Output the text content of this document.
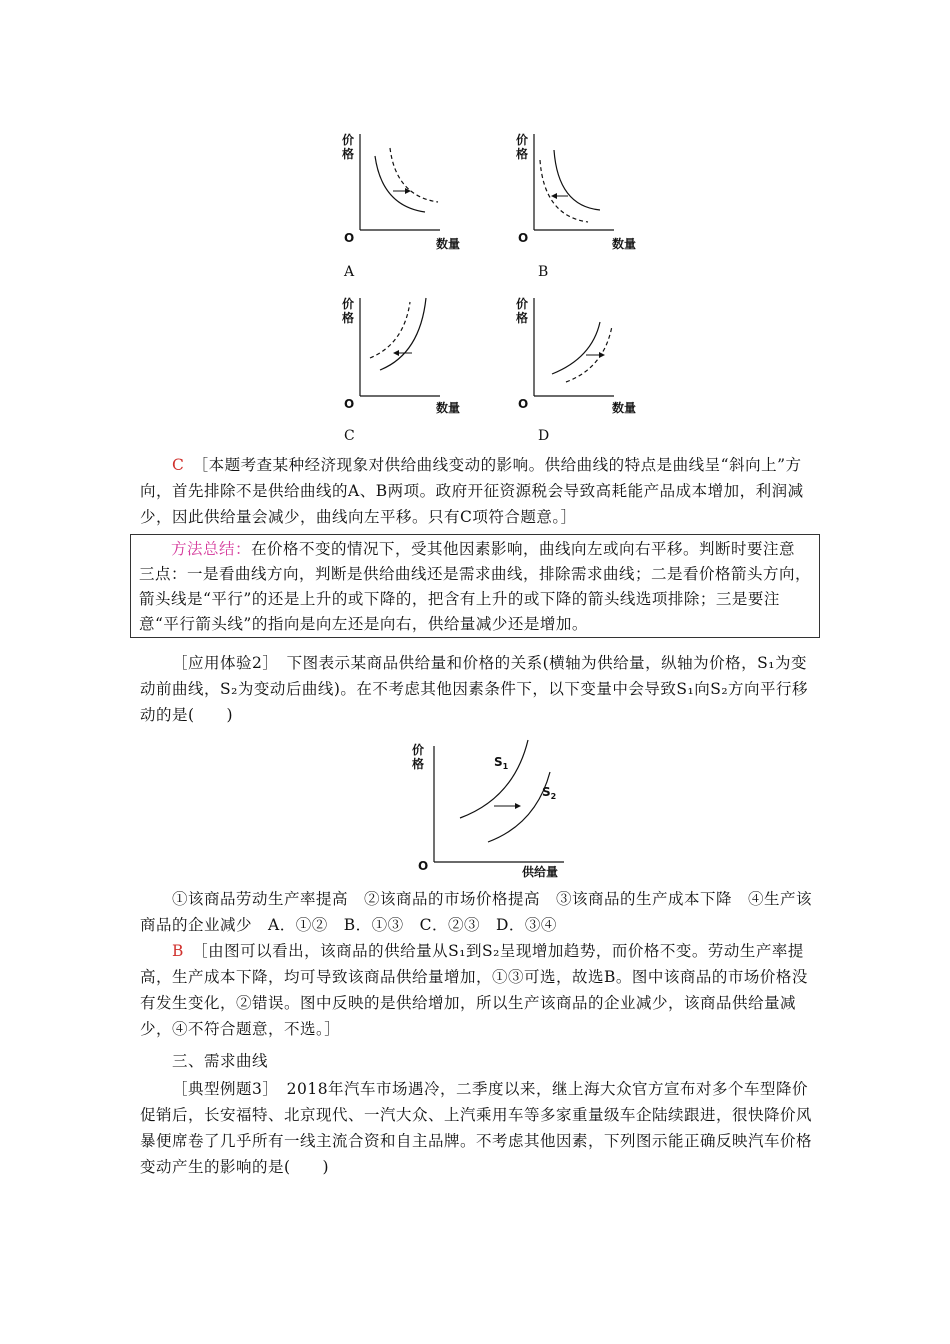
价
格
O	数量
A
价
格
O	数量
B
价
格
O	数量
C
价
格
O	数量
D
C　 ［本题考查某种经济现象对供给曲线变动的影响。供给曲线的特点是曲线呈“斜向上”方向，首先排除不是供给曲线的A、B两项。政府开征资源税会导致高耗能产品成本增加，利润减少，因此供给量会减少，曲线向左平移。只有C项符合题意。］
方法总结：在价格不变的情况下，受其他因素影响，曲线向左或向右平移。判断时要注意三点：一是看曲线方向，判断是供给曲线还是需求曲线，排除需求曲线；二是看价格箭头方向，箭头线是“平行”的还是上升的或下降的，把含有上升的或下降的箭头线选项排除；三是要注意“平行箭头线”的指向是向左还是向右，供给量减少还是增加。
［应用体验2］　下图表示某商品供给量和价格的关系(横轴为供给量，纵轴为价格，S₁为变动前曲线，S₂为变动后曲线)。在不考虑其他因素条件下，以下变量中会导致S₁向S₂方向平行移动的是(　　)
价
格
O	供给量
$S_1$
$S_2$
①该商品劳动生产率提高　②该商品的市场价格提高　③该商品的生产成本下降　④生产该商品的企业减少　A．①②　B．①③　C．②③　D．③④
B　 ［由图可以看出，该商品的供给量从S₁到S₂呈现增加趋势，而价格不变。劳动生产率提高，生产成本下降，均可导致该商品供给量增加，①③可选，故选B。图中该商品的市场价格没有发生变化，②错误。图中反映的是供给增加，所以生产该商品的企业减少，该商品供给量减少，④不符合题意，不选。］
三、需求曲线
［典型例题3］　2018年汽车市场遇冷，二季度以来，继上海大众官方宣布对多个车型降价促销后，长安福特、北京现代、一汽大众、上汽乘用车等多家重量级车企陆续跟进，很快降价风暴便席卷了几乎所有一线主流合资和自主品牌。不考虑其他因素，下列图示能正确反映汽车价格变动产生的影响的是(　　)
